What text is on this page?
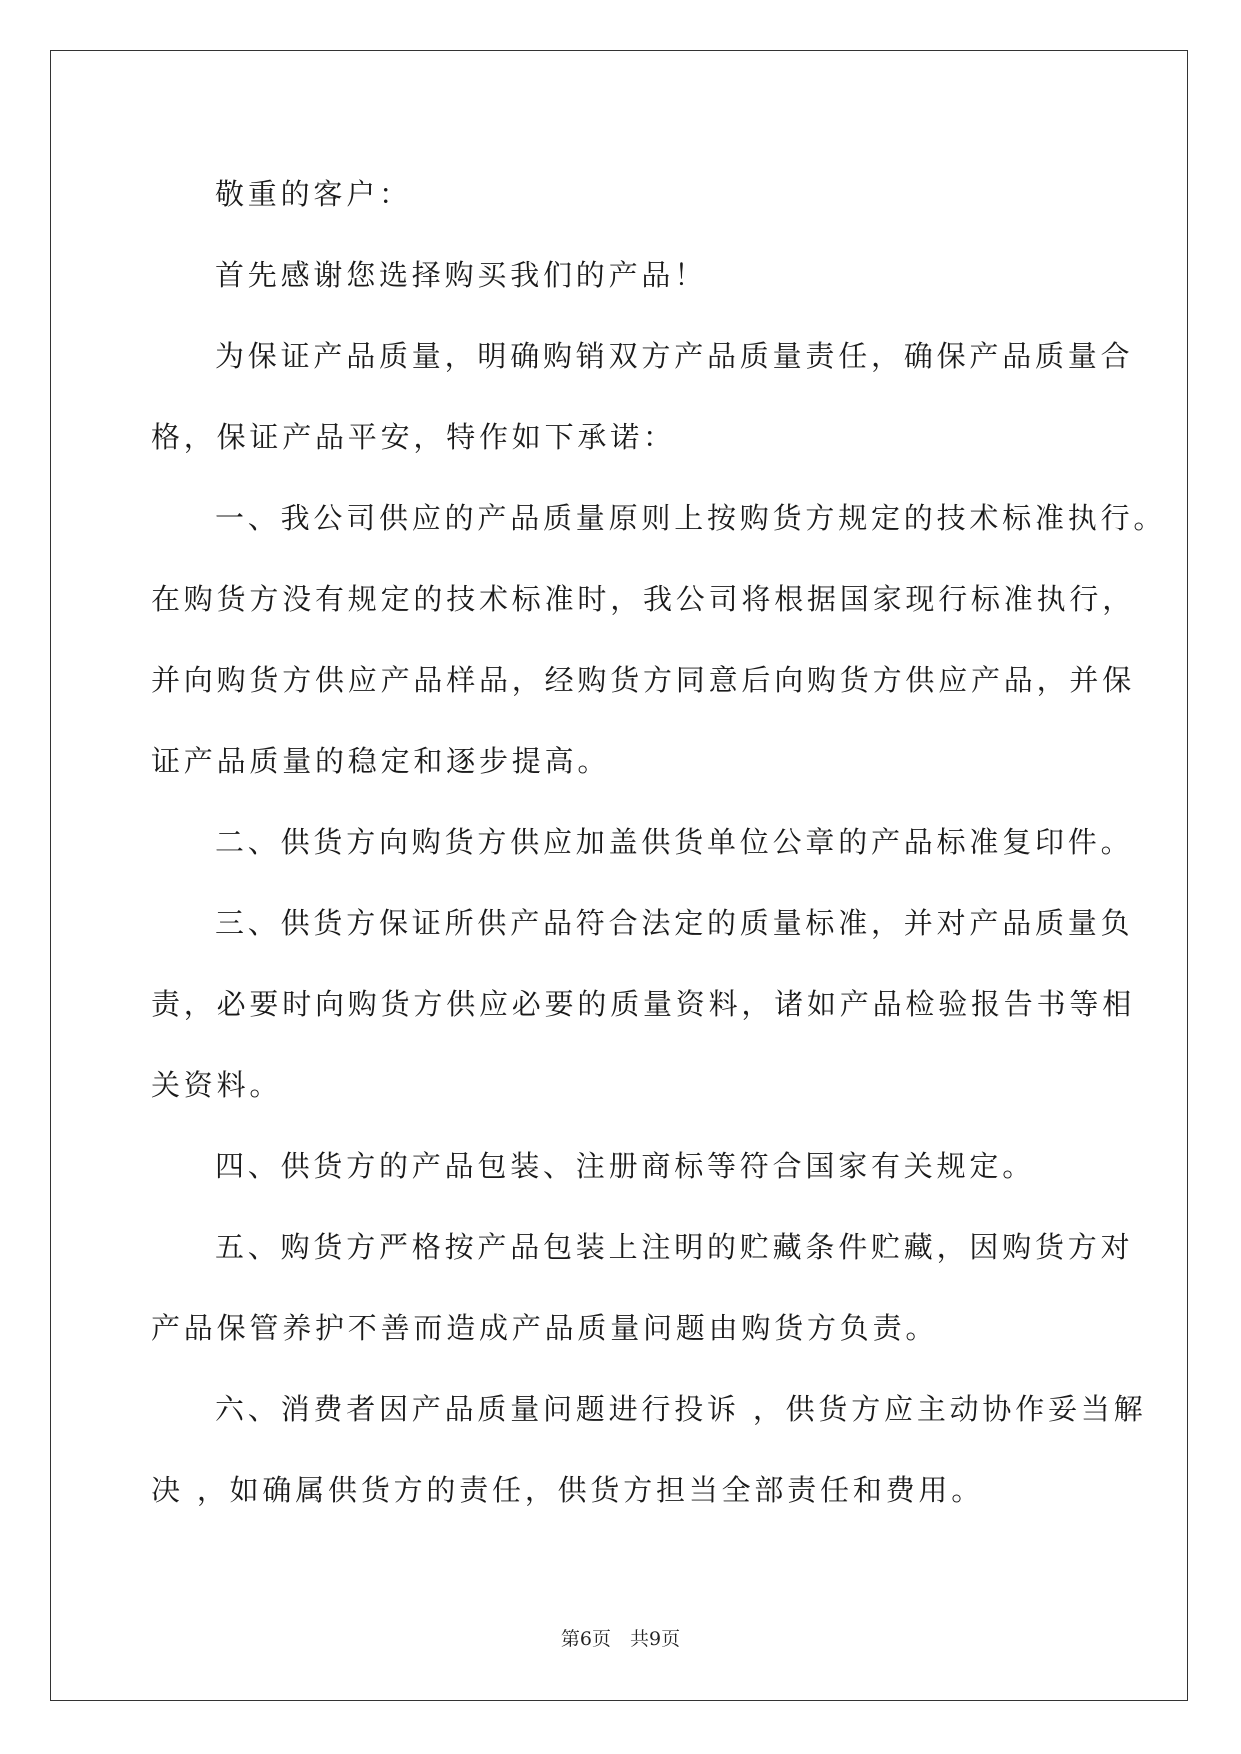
敬重的客户：
首先感谢您选择购买我们的产品！
为保证产品质量，明确购销双方产品质量责任，确保产品质量合
格，保证产品平安，特作如下承诺：
一、我公司供应的产品质量原则上按购货方规定的技术标准执行。
在购货方没有规定的技术标准时，我公司将根据国家现行标准执行，
并向购货方供应产品样品，经购货方同意后向购货方供应产品，并保
证产品质量的稳定和逐步提高。
二、供货方向购货方供应加盖供货单位公章的产品标准复印件。
三、供货方保证所供产品符合法定的质量标准，并对产品质量负
责，必要时向购货方供应必要的质量资料，诸如产品检验报告书等相
关资料。
四、供货方的产品包装、注册商标等符合国家有关规定。
五、购货方严格按产品包装上注明的贮藏条件贮藏，因购货方对
产品保管养护不善而造成产品质量问题由购货方负责。
六、消费者因产品质量问题进行投诉 ，供货方应主动协作妥当解
决 ，如确属供货方的责任，供货方担当全部责任和费用。
第6页　共9页
